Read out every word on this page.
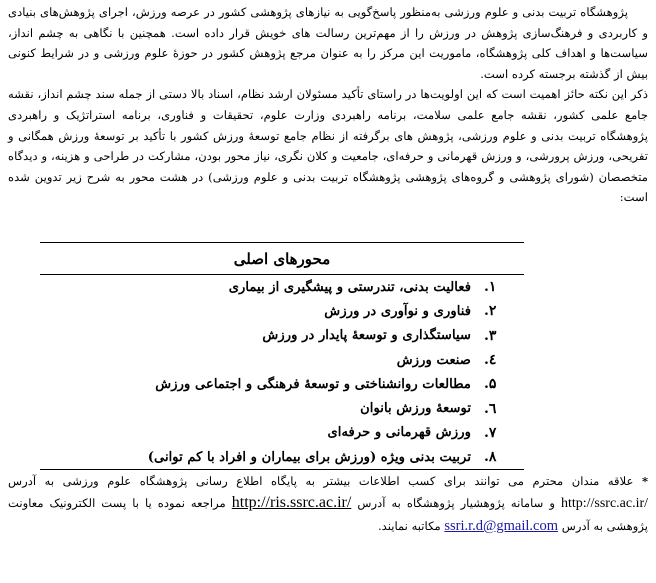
پژوهشگاه تربیت بدنی و علوم ورزشی به‌منظور پاسخ‌گویی به نیازهای پژوهشی کشور در عرصه ورزش، اجرای پژوهش‌های بنیادی و کاربردی و فرهنگ‌سازی پژوهش در ورزش را از مهم‌ترین رسالت های خویش قرار داده است. همچنین با نگاهی به چشم انداز، سیاست‌ها و اهداف کلی پژوهشگاه، ماموریت این مرکز را به عنوان مرجع پژوهش کشور در حوزهٔ علوم ورزشی و در شرایط کنونی بیش از گذشته برجسته کرده است.

ذکر این نکته حائز اهمیت است که این اولویت‌ها در راستای تأکید مسئولان ارشد نظام، اسناد بالا دستی از جمله سند چشم انداز، نقشه جامع علمی کشور، نقشه جامع علمی سلامت، برنامه راهبردی وزارت علوم، تحقیقات و فناوری، برنامه استراتژیک و راهبردی پژوهشگاه تربیت بدنی و علوم ورزشی، پژوهش های برگرفته از نظام جامع توسعهٔ ورزش کشور با تأکید بر توسعهٔ ورزش همگانی و تفریحی، ورزش پرورشی، و ورزش قهرمانی و حرفه‌ای، جامعیت و کلان نگری، نیاز محور بودن، مشارکت در طراحی و هزینه، و دیدگاه متخصصان (شورای پژوهشی و گروه‌های پژوهشی پژوهشگاه تربیت بدنی و علوم ورزشی) در هشت محور به شرح زیر تدوین شده است:

محورهای اصلی
۱.
فعالیت بدنی، تندرستی و پیشگیری از بیماری
۲.
فناوری و نوآوری در ورزش
۳.
سیاستگذاری و توسعهٔ پایدار در ورزش
٤.
صنعت ورزش
۵.
مطالعات روانشناختی و توسعهٔ فرهنگی و اجتماعی ورزش
٦.
توسعهٔ ورزش بانوان
۷.
ورزش قهرمانی و حرفه‌ای
۸.
تربیت بدنی ویژه (ورزش برای بیماران و افراد با کم توانی)
* علاقه مندان محترم می توانند برای کسب اطلاعات بیشتر به پایگاه اطلاع رسانی پژوهشگاه علوم ورزشی به آدرس http://ssrc.ac.ir/ و سامانه پژوهشیار پژوهشگاه به آدرس http://ris.ssrc.ac.ir/ مراجعه نموده یا با پست الکترونیک معاونت پژوهشی به آدرس ssri.r.d@gmail.com مکاتبه نمایند.
